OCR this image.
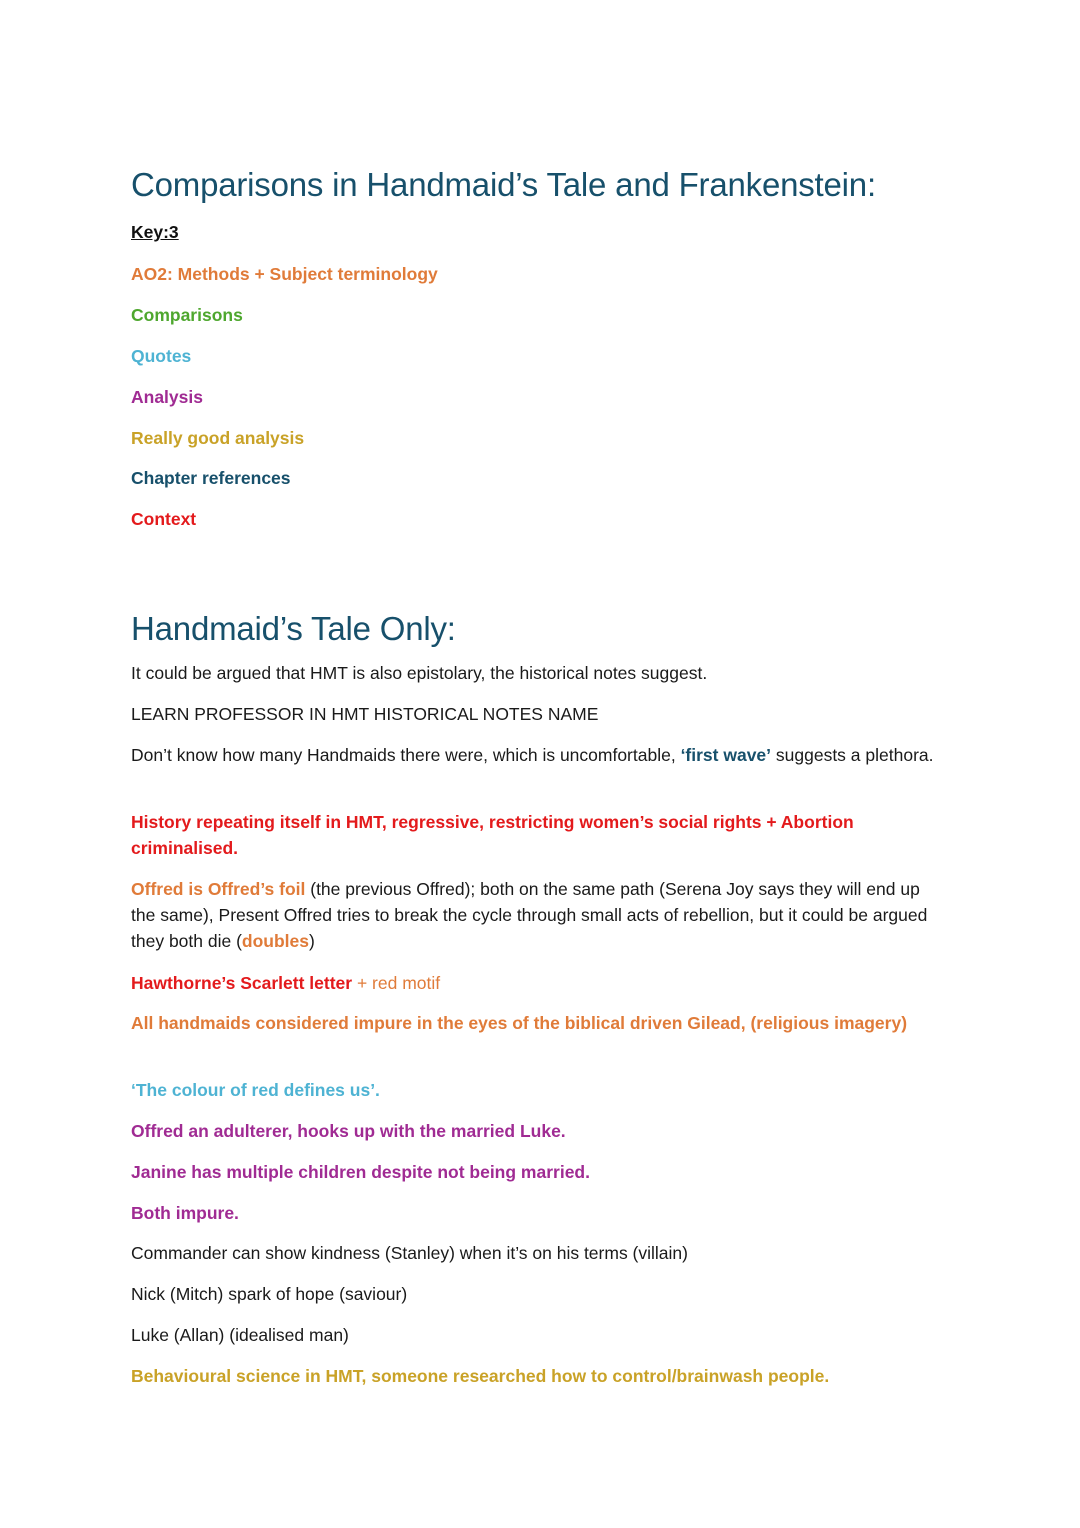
Comparisons in Handmaid’s Tale and Frankenstein:

Key:3

AO2: Methods + Subject terminology

Comparisons

Quotes

Analysis

Really good analysis

Chapter references

Context

Handmaid’s Tale Only:

It could be argued that HMT is also epistolary, the historical notes suggest.

LEARN PROFESSOR IN HMT HISTORICAL NOTES NAME

Don’t know how many Handmaids there were, which is uncomfortable, ‘first wave’ suggests a plethora.

History repeating itself in HMT, regressive, restricting women’s social rights + Abortion criminalised.

Offred is Offred’s foil (the previous Offred); both on the same path (Serena Joy says they will end up the same), Present Offred tries to break the cycle through small acts of rebellion, but it could be argued they both die (doubles)

Hawthorne’s Scarlett letter + red motif

All handmaids considered impure in the eyes of the biblical driven Gilead, (religious imagery)

‘The colour of red defines us’.

Offred an adulterer, hooks up with the married Luke.

Janine has multiple children despite not being married.

Both impure.

Commander can show kindness (Stanley) when it’s on his terms (villain)

Nick (Mitch) spark of hope (saviour)

Luke (Allan) (idealised man)

Behavioural science in HMT, someone researched how to control/brainwash people.
